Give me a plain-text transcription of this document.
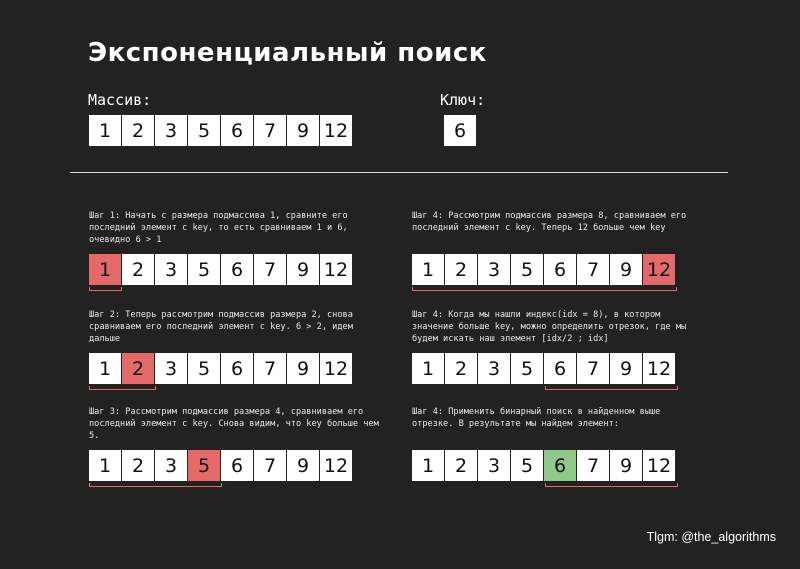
Экспоненциальный поиск
Массив:	Ключ:
1	2	3	5	6	7	9 12	6
Шаг 1: Начать с размера подмассива 1, сравните его последний элемент с key, то есть сравниваем 1 и 6, очевидно 6 > 1
1	2	3	5	6	7	9 12
Шаг 2: Теперь рассмотрим подмассив размера 2, снова сравниваем его последний элемент с key. 6 > 2, идем дальше
1	2	3	5	6	7	9 12
Шаг 3: Рассмотрим подмассив размера 4, сравниваем его последний элемент с key. Снова видим, что key больше чем 5.
1	2	3	5	6	7	9 12
Шаг 4: Рассмотрим подмассив размера 8, сравниваем его последний элемент с key. Теперь 12 больше чем key
1	2	3	5	6	7	9 12
Шаг 4: Когда мы нашли индекс(idx = 8), в котором значение больше key, можно определить отрезок, где мы будем искать наш элемент [idx/2 ; idx]
1	2	3	5	6	7	9 12
Шаг 4: Применить бинарный поиск в найденном выше отрезке. В результате мы найдем элемент:
1	2	3	5	6	7	9 12
Tlgm: @the_algorithms
